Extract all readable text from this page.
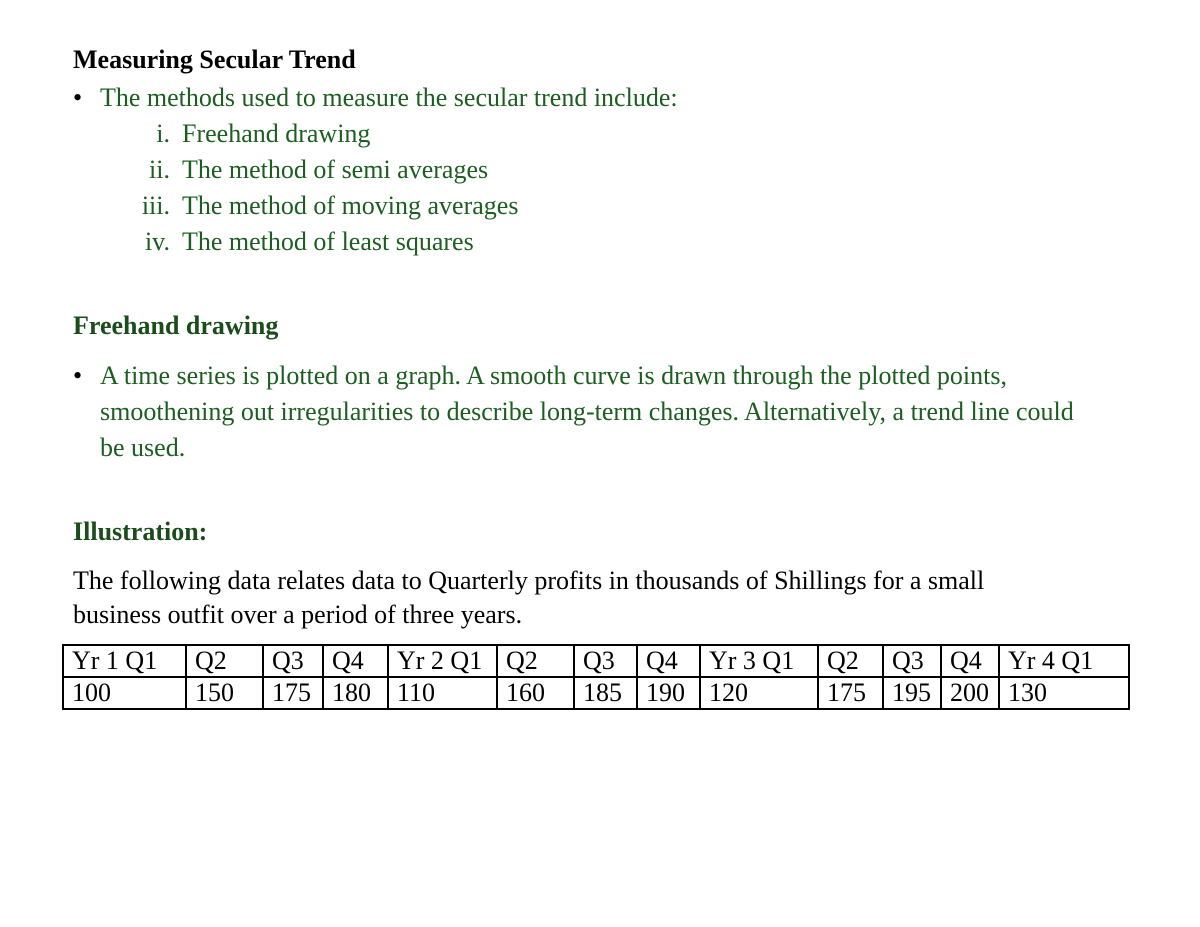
Measuring Secular Trend
• The methods used to measure the secular trend include:
i. Freehand drawing
ii. The method of semi averages
iii. The method of moving averages
iv. The method of least squares
Freehand drawing
• A time series is plotted on a graph. A smooth curve is drawn through the plotted points,
smoothening out irregularities to describe long-term changes. Alternatively, a trend line could
be used.
Illustration:
The following data relates data to Quarterly profits in thousands of Shillings for a small
business outfit over a period of three years.
Yr 1 Q1	Q2	Q3	Q4	Yr 2 Q1	Q2	Q3	Q4	Yr 3 Q1	Q2	Q3	Q4	Yr 4 Q1
100	150	175	180	110	160	185	190	120	175	195	200	130
